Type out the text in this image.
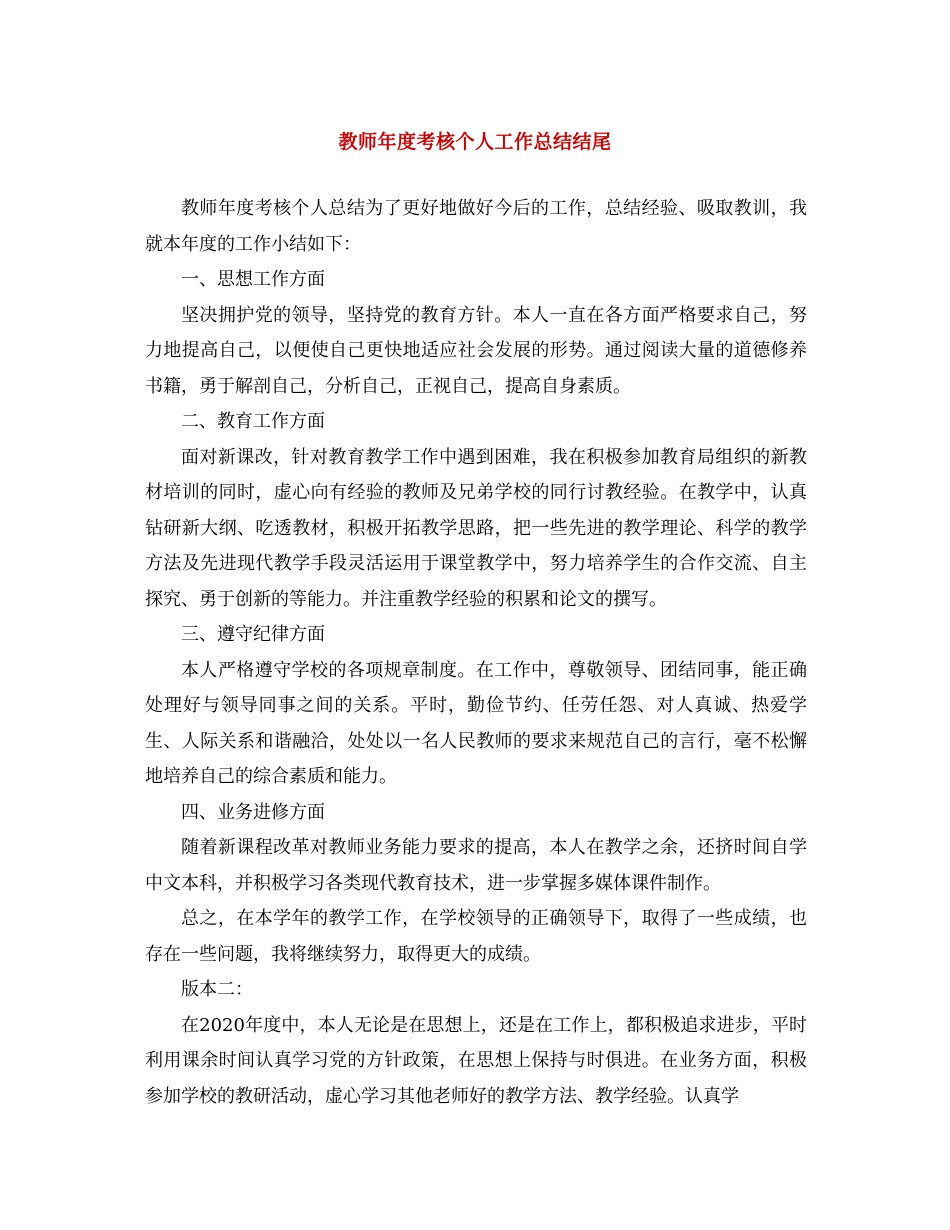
教师年度考核个人工作总结结尾

教师年度考核个人总结为了更好地做好今后的工作，总结经验、吸取教训，我就本年度的工作小结如下：

一、思想工作方面

坚决拥护党的领导，坚持党的教育方针。本人一直在各方面严格要求自己，努力地提高自己，以便使自己更快地适应社会发展的形势。通过阅读大量的道德修养书籍，勇于解剖自己，分析自己，正视自己，提高自身素质。

二、教育工作方面

面对新课改，针对教育教学工作中遇到困难，我在积极参加教育局组织的新教材培训的同时，虚心向有经验的教师及兄弟学校的同行讨教经验。在教学中，认真钻研新大纲、吃透教材，积极开拓教学思路，把一些先进的教学理论、科学的教学方法及先进现代教学手段灵活运用于课堂教学中，努力培养学生的合作交流、自主探究、勇于创新的等能力。并注重教学经验的积累和论文的撰写。

三、遵守纪律方面

本人严格遵守学校的各项规章制度。在工作中，尊敬领导、团结同事，能正确处理好与领导同事之间的关系。平时，勤俭节约、任劳任怨、对人真诚、热爱学生、人际关系和谐融洽，处处以一名人民教师的要求来规范自己的言行，毫不松懈地培养自己的综合素质和能力。

四、业务进修方面

随着新课程改革对教师业务能力要求的提高，本人在教学之余，还挤时间自学中文本科，并积极学习各类现代教育技术，进一步掌握多媒体课件制作。

总之，在本学年的教学工作，在学校领导的正确领导下，取得了一些成绩，也存在一些问题，我将继续努力，取得更大的成绩。

版本二：

在2020年度中，本人无论是在思想上，还是在工作上，都积极追求进步，平时利用课余时间认真学习党的方针政策，在思想上保持与时俱进。在业务方面，积极参加学校的教研活动，虚心学习其他老师好的教学方法、教学经验。认真学
